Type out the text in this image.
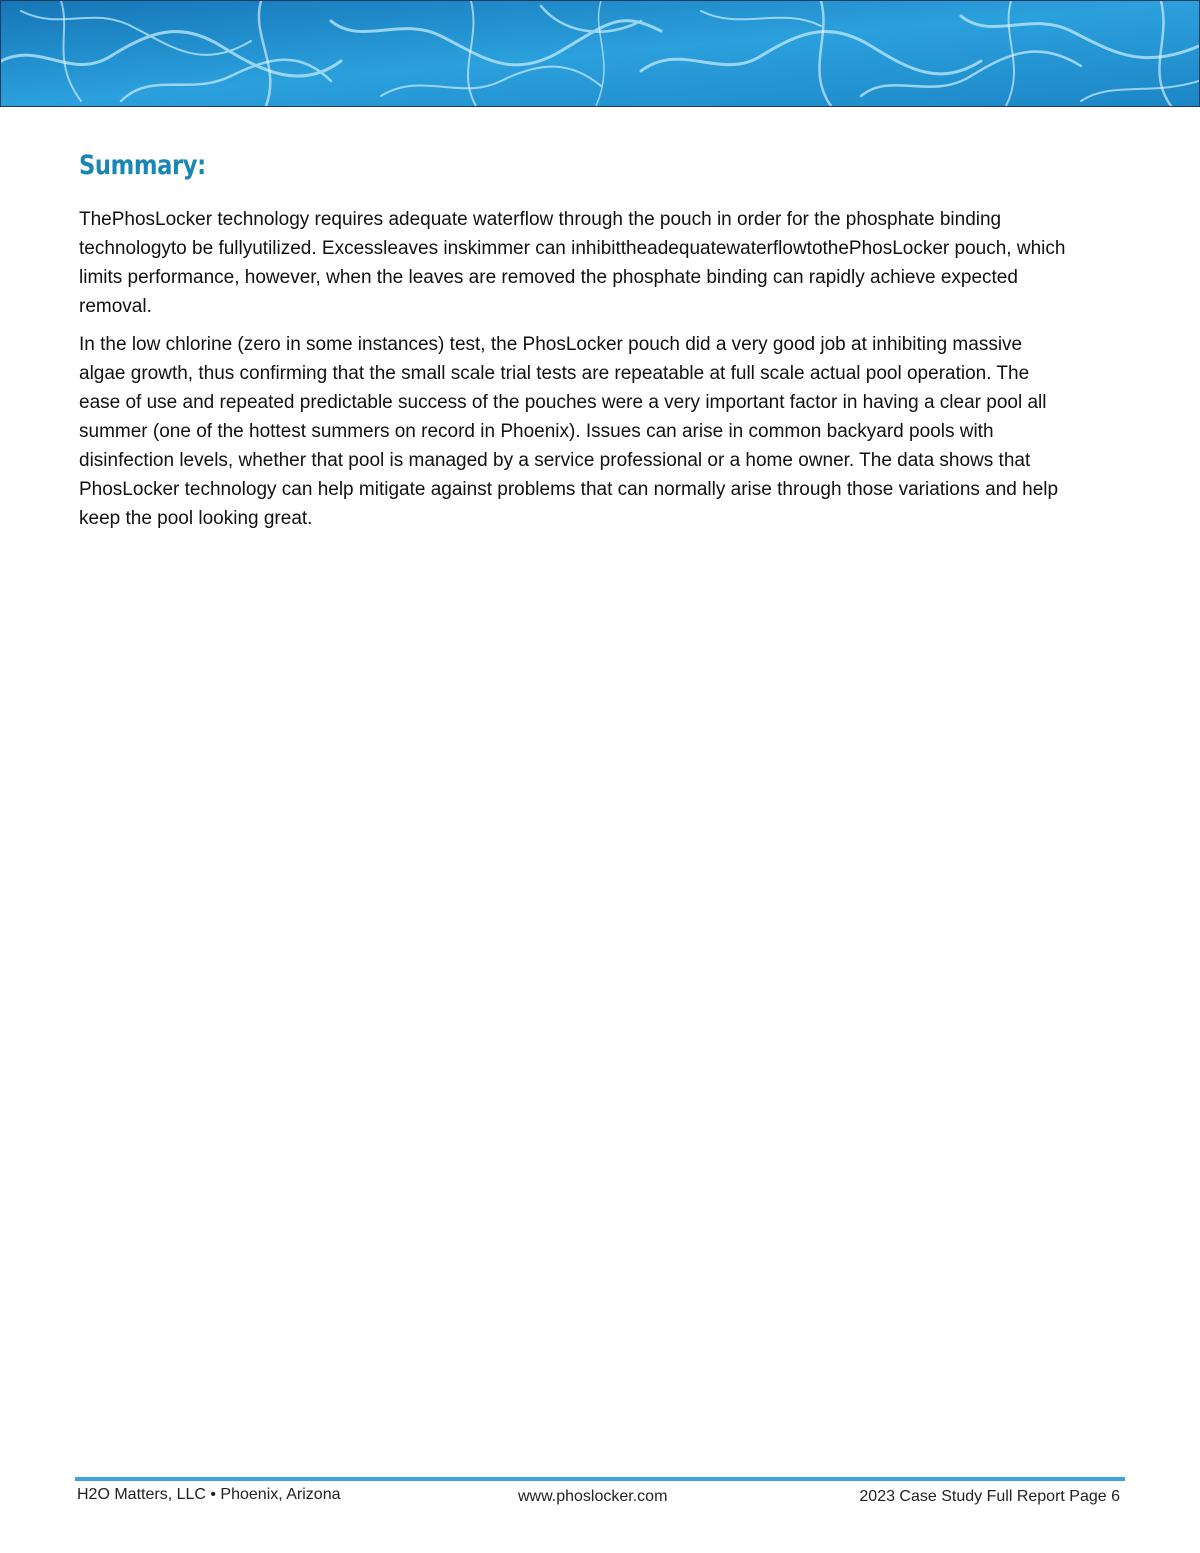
Summary:

ThePhosLocker technology requires adequate waterflow through the pouch in order for the phosphate binding technologyto be fullyutilized. Excessleaves inskimmer can inhibittheadequatewaterflowtothePhosLocker pouch, which limits performance, however, when the leaves are removed the phosphate binding can rapidly achieve expected removal.

In the low chlorine (zero in some instances) test, the PhosLocker pouch did a very good job at inhibiting massive algae growth, thus confirming that the small scale trial tests are repeatable at full scale actual pool operation. The ease of use and repeated predictable success of the pouches were a very important factor in having a clear pool all summer (one of the hottest summers on record in Phoenix). Issues can arise in common backyard pools with disinfection levels, whether that pool is managed by a service professional or a home owner. The data shows that PhosLocker technology can help mitigate against problems that can normally arise through those variations and help keep the pool looking great.

H2O Matters, LLC • Phoenix, Arizona	www.phoslocker.com	2023 Case Study Full Report Page 6
